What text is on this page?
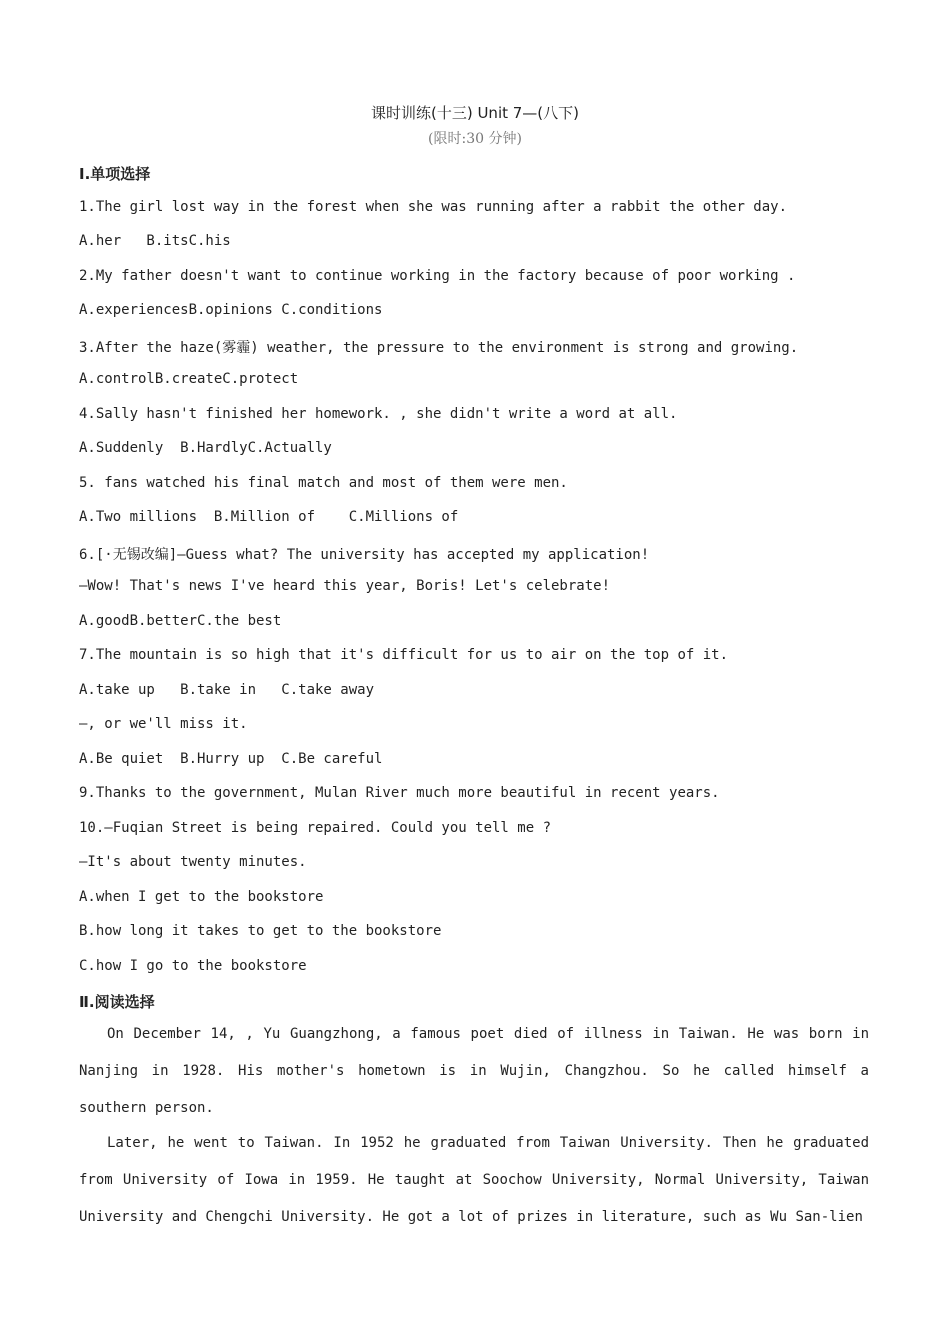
课时训练(十三) Unit 7—(八下)
(限时:30 分钟)
Ⅰ.单项选择
1.The girl lost way in the forest when she was running after a rabbit the other day.
A.her   B.itsC.his
2.My father doesn't want to continue working in the factory because of poor working .
A.experiencesB.opinions C.conditions
3.After the haze(雾霾) weather, the pressure to the environment is strong and growing.
A.controlB.createC.protect
4.Sally hasn't finished her homework. , she didn't write a word at all.
A.Suddenly  B.HardlyC.Actually
5. fans watched his final match and most of them were men.
A.Two millions  B.Million of    C.Millions of
6.[·无锡改编]—Guess what? The university has accepted my application!
—Wow! That's news I've heard this year, Boris! Let's celebrate!
A.goodB.betterC.the best
7.The mountain is so high that it's difficult for us to air on the top of it.
A.take up   B.take in   C.take away
—, or we'll miss it.
A.Be quiet  B.Hurry up  C.Be careful
9.Thanks to the government, Mulan River much more beautiful in recent years.
10.—Fuqian Street is being repaired. Could you tell me ?
—It's about twenty minutes.
A.when I get to the bookstore
B.how long it takes to get to the bookstore
C.how I go to the bookstore
Ⅱ.阅读选择
On December 14, , Yu Guangzhong, a famous poet died of illness in Taiwan. He was born in Nanjing in 1928. His mother's hometown is in Wujin, Changzhou. So he called himself a southern person.
Later, he went to Taiwan. In 1952 he graduated from Taiwan University. Then he graduated from University of Iowa in 1959. He taught at Soochow University, Normal University, Taiwan University and Chengchi University. He got a lot of prizes in literature, such as Wu San-lien
